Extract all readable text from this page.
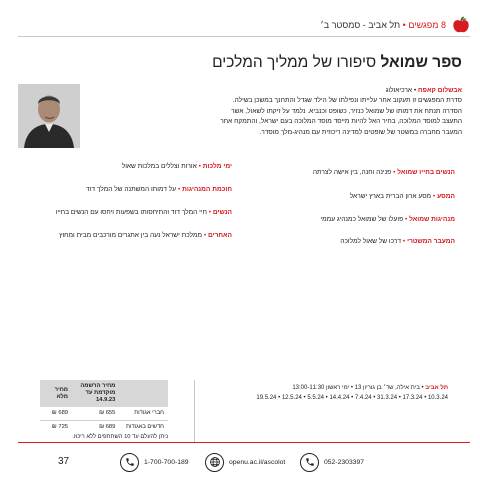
8 מפגשים • תל אביב - סמסטר ב׳
ספר שמואל סיפורו של ממליך המלכים
אבשלום קאפח • ארכיאולוג
סדרת המפגשים זו תעקוב אחר עלייתו ונפילתו של הילד שגדל והתחנך במשכן בשילה. הסדרה תנתח את דמותו של שמואל כנזיר, כשופט וכנביא. נלמד על זיקתו לשאול, אשר התעצב למוסד המלוכה, בחיר האל להיות מייסד מוסד המלוכה בעם ישראל, והתמקח אחר המעבר מחברה במשטר של שופטים למדינה ריכוזית עם מנהיג-מלך מוסדר.
הנשים בחייו שמואל • פנינה וחנה, בין אישה לצרתה
המסע • מסע ארון הברית בארץ ישראל
מנהיגות שמואל • פועלו של שמואל כמנהיג עממי
המעבר המשטרי • דרכו של שאול למלוכה
ימי מלכות • אורות וצללים במלכות שאול
חוכמת המנהיגות • על דמותו המשתנה של המלך דוד
הנשים • חיי המלך דוד והתיחסותו בשפעות ויחסו עם הנשים בחייו
האחרים • ממלכת ישראל נעה בין אתגרים מורכבים מבית ומחוץ
תל אביב • בית אילה, שד׳ בן גוריון 13 • ימי ראשון 13:00-11:30
10.3.24 • 17.3.24 • 31.3.24 • 7.4.24 • 14.4.24 • 5.5.24 • 12.5.24 • 19.5.24
	מחיר הרשמה מוקדמת עד 14.9.23	מחיר מלא
חברי אגודות	655 ₪	689 ₪
חדשים באגודות	689 ₪	725 ₪
ניתן להעלם עד 10 השתתפים ללא ריכוז.
37	1-700-700-189	openu.ac.il/ascolot	052-2303397
